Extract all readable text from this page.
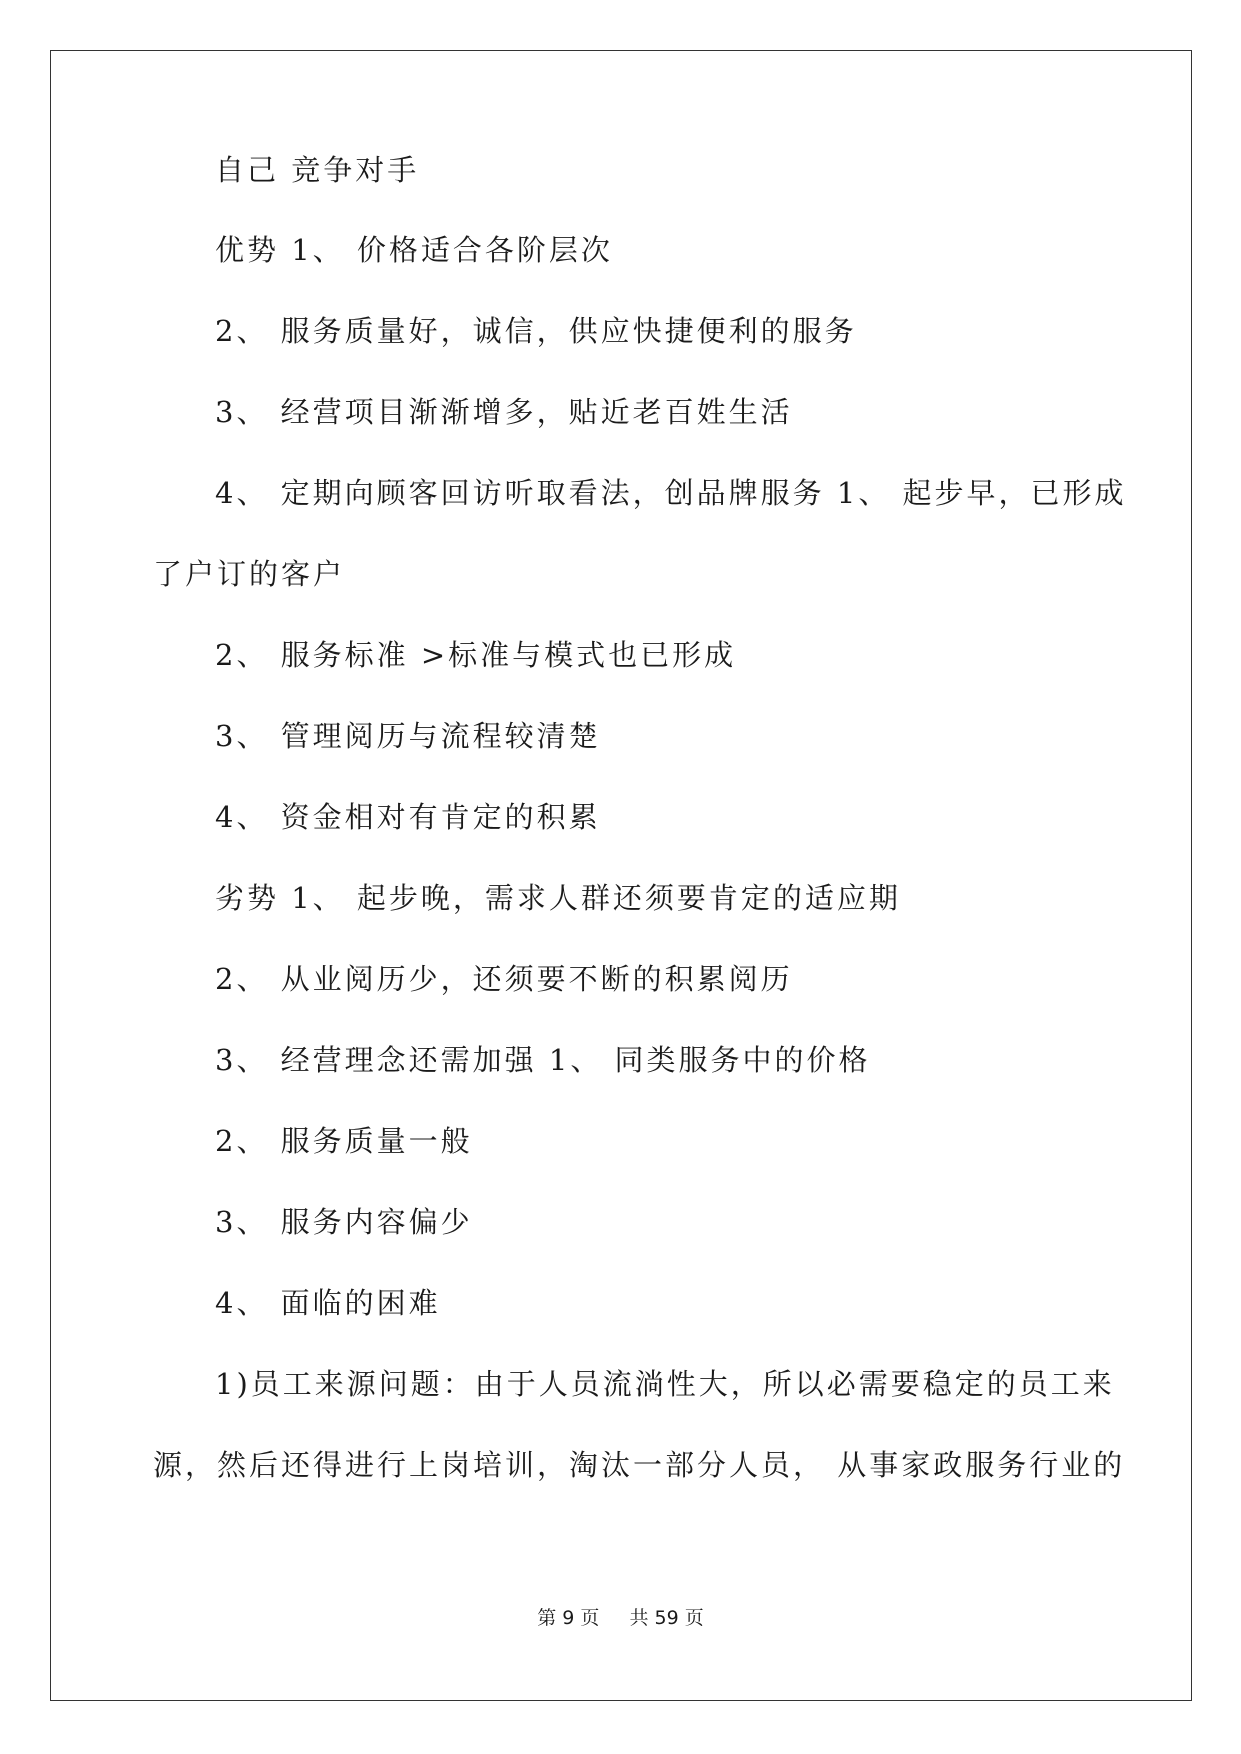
自己 竞争对手
优势 1、 价格适合各阶层次
2、 服务质量好，诚信，供应快捷便利的服务
3、 经营项目渐渐增多，贴近老百姓生活
4、 定期向顾客回访听取看法，创品牌服务 1、 起步早，已形成
了户订的客户
2、 服务标准 >标准与模式也已形成
3、 管理阅历与流程较清楚
4、 资金相对有肯定的积累
劣势 1、 起步晚，需求人群还须要肯定的适应期
2、 从业阅历少，还须要不断的积累阅历
3、 经营理念还需加强 1、 同类服务中的价格
2、 服务质量一般
3、 服务内容偏少
4、 面临的困难
1)员工来源问题：由于人员流淌性大，所以必需要稳定的员工来
源，然后还得进行上岗培训，淘汰一部分人员， 从事家政服务行业的
第 9 页 共 59 页
